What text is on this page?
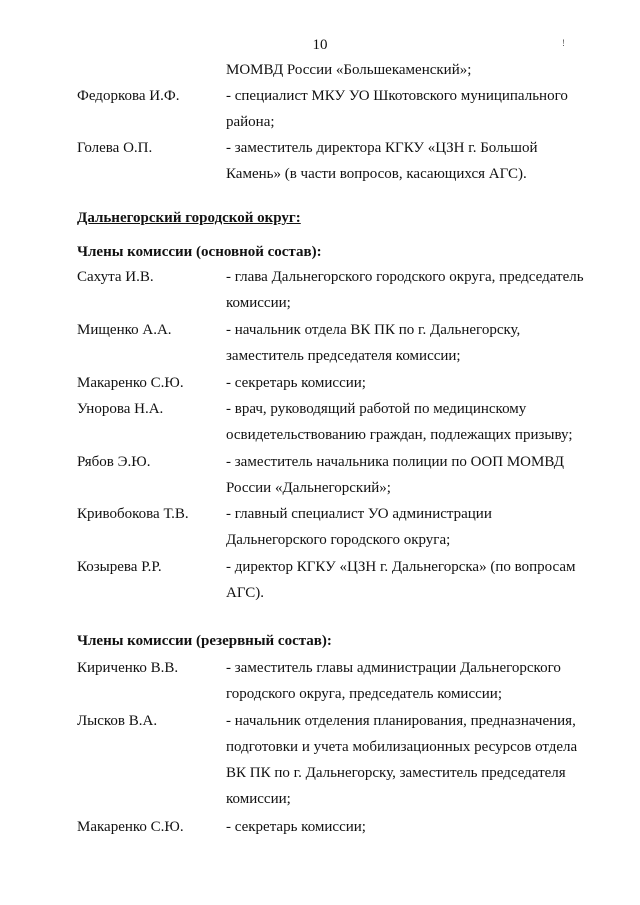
10	!
МОМВД России «Большекаменский»;
Федоркова И.Ф.	- специалист МКУ УО Шкотовского муниципального
района;
Голева О.П.	- заместитель директора КГКУ «ЦЗН г. Большой
Камень» (в части вопросов, касающихся АГС).
Дальнегорский городской округ:
Члены комиссии (основной состав):
Сахута И.В.	- глава Дальнегорского городского округа, председатель
комиссии;
Мищенко А.А.	- начальник отдела ВК ПК по г. Дальнегорску,
заместитель председателя комиссии;
Макаренко С.Ю.	- секретарь комиссии;
Унорова Н.А.	- врач, руководящий работой по медицинскому
освидетельствованию граждан, подлежащих призыву;
Рябов Э.Ю.	- заместитель начальника полиции по ООП МОМВД
России «Дальнегорский»;
Кривобокова Т.В. - главный специалист УО администрации
Дальнегорского городского округа;
Козырева Р.Р.	- директор КГКУ «ЦЗН г. Дальнегорска» (по вопросам
АГС).
Члены комиссии (резервный состав):
Кириченко В.В.	- заместитель главы администрации Дальнегорского
городского округа, председатель комиссии;
Лысков В.А.	- начальник отделения планирования, предназначения,
подготовки и учета мобилизационных ресурсов отдела
ВК ПК по г. Дальнегорску, заместитель председателя
комиссии;
Макаренко С.Ю.	- секретарь комиссии;
